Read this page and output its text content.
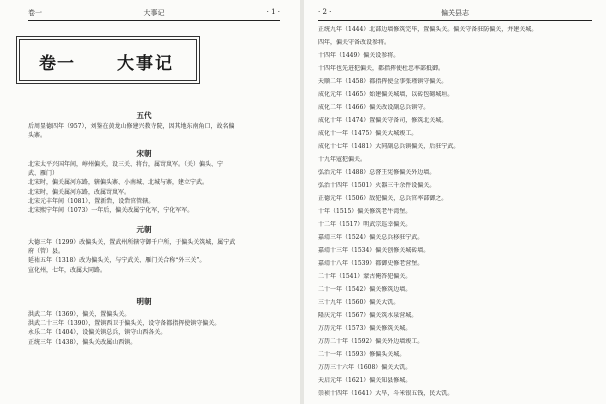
卷一	大事记	· 1 ·
卷一 大事记
五代
后周显德四年（957），刘鉴在黄龙山修建兴教寺院，因其地东南角口，故名偏
头寨。
宋朝
北宋太平兴国年间，崞州偏关，设三关、将台，属岢岚军。（关）偏头、宁
武、雁门）
北宋时，偏关属河东路，辖偏头寨、小南城、北城与寨，建立宁武。
北宋时，偏关属河东路，改属岢岚军。
北宋元丰年间（1081），置新砦，设砦官管辖。
北宋熙宁年间（1073）一年后，偏关改属宁化军，宁化军军。
元朝
大德三年（1299）改偏头关，置武州所辖守御千户所，于偏头关筑城，属宁武
府（管）县。
延祐五年（1318）改为偏头关，与宁武关、雁门关合称“外三关”。
宣化州，七年，改属大同路。
明朝
洪武二年（1369），偏关，置偏头关。
洪武二十三年（1390），置镇西卫于偏头关，设守备都指挥使镇守偏关。
永乐二年（1404），设偏关镇总兵，镇守山西各关。
正统三年（1438），偏头关改属山西镇。
· 2 ·	偏关县志
正统九年（1444）北部边墙修筑完毕，置偏头关。偏关守备驻防偏关，并建关城。
四年，偏关守备改设参将。
十四年（1449）偏关设参将。
十四年也先进犯偏关，都指挥使杜忠率部抵御。
天顺二年（1458）都指挥使佥事张瑾镇守偏关。
成化元年（1465）始建偏关城墙，以砖包砌城垣。
成化二年（1466）偏关改设副总兵镇守。
成化十年（1474）置偏关守备司，修筑北关城。
成化十一年（1475）偏关大城竣工。
成化十七年（1481）大同副总兵镇偏关，后驻宁武。
十九年寇犯偏关。
弘治元年（1488）总督王宪修偏关外边墙。
弘治十四年（1501）火器三千余件设偏关。
正德元年（1506）敌犯偏关，总兵官率部御之。
十年（1515）偏关修筑老牛湾堡。
十二年（1517）明武宗巡幸偏关。
嘉靖三年（1524）偏关总兵移驻宁武。
嘉靖十三年（1534）偏关创修关城砖墙。
嘉靖十八年（1539）都御史修老营堡。
二十年（1541）蒙古俺答犯偏关。
二十一年（1542）偏关修筑边墙。
三十九年（1560）偏关大饥。
隆庆元年（1567）偏关筑水泉营城。
万历元年（1573）偏关修筑关城。
万历二十年（1592）偏关外边墙竣工。
二十一年（1593）修偏头关城。
万历三十六年（1608）偏关大饥。
天启元年（1621）偏关知县修城。
崇祯十四年（1641）大旱，斗米银五钱，民大饥。
